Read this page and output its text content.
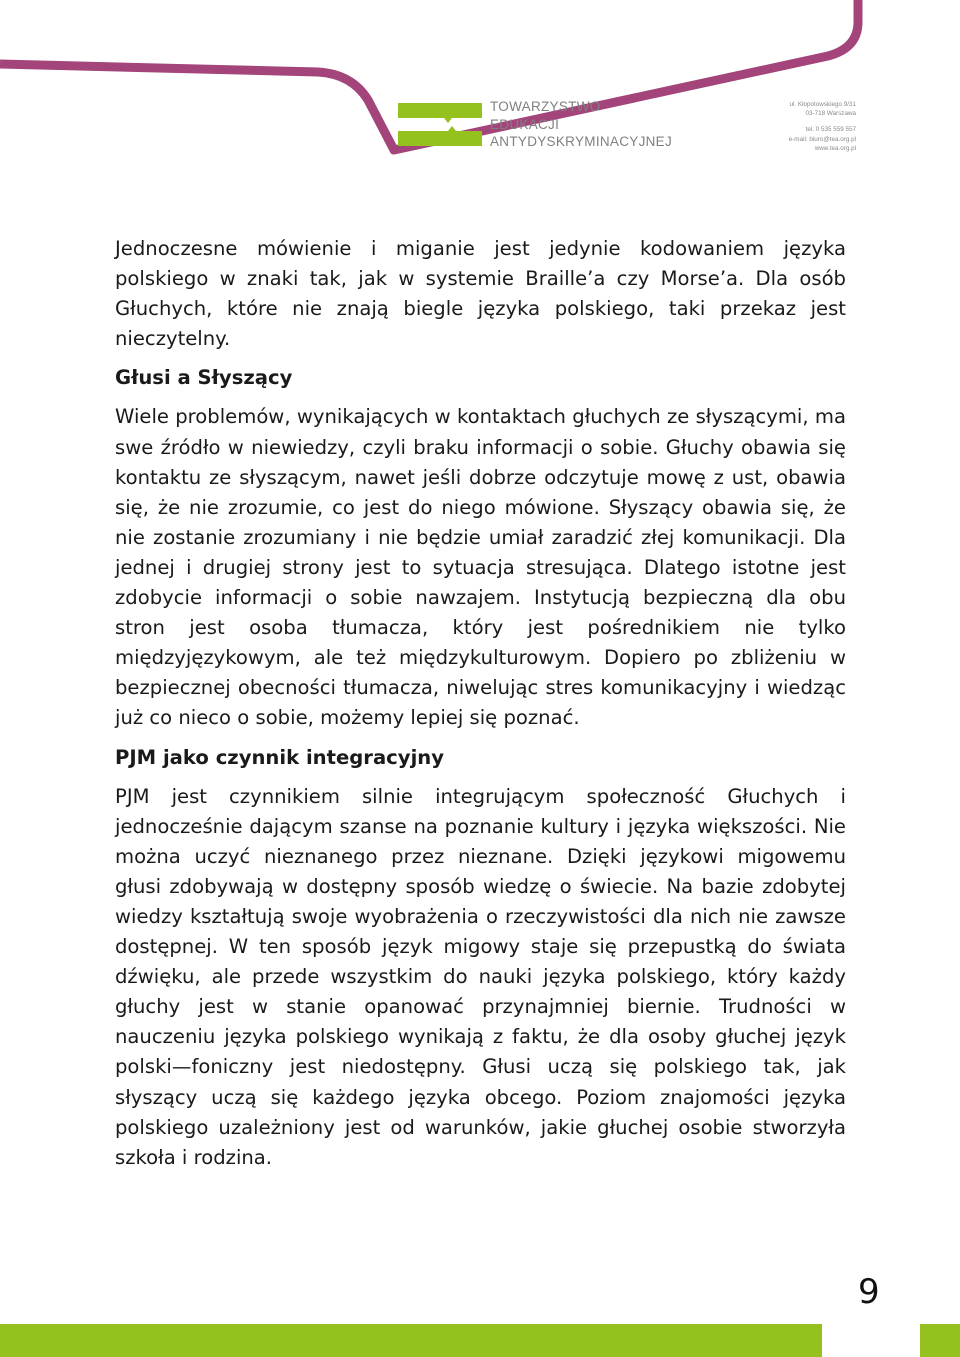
TOWARZYSTWO
EDUKACJI
ANTYDYSKRYMINACYJNEJ
ul. Kłopotowskiego 9/31
03-718 Warszawa
tel. 0 535 559 557
e-mail: biuro@tea.org.pl
www.tea.org.pl

Jednoczesne mówienie i miganie jest jedynie kodowaniem języka polskiego w znaki tak, jak w systemie Braille’a czy Morse’a. Dla osób Głuchych, które nie znają biegle języka polskiego, taki przekaz jest nieczytelny.

Głusi a Słyszący

Wiele problemów, wynikających w kontaktach głuchych ze słyszącymi, ma swe źródło w niewiedzy, czyli braku informacji o sobie. Głuchy obawia się kontaktu ze słyszącym, nawet jeśli dobrze odczytuje mowę z ust, obawia się, że nie zrozumie, co jest do niego mówione. Słyszący obawia się, że nie zostanie zrozumiany i nie będzie umiał zaradzić złej komunikacji. Dla jednej i drugiej strony jest to sytuacja stresująca. Dlatego istotne jest zdobycie informacji o sobie nawzajem. Instytucją bezpieczną dla obu stron jest osoba tłumacza, który jest pośrednikiem nie tylko międzyjęzykowym, ale też międzykulturowym. Dopiero po zbliżeniu w bezpiecznej obecności tłumacza, niwelując stres komunikacyjny i wiedząc już co nieco o sobie, możemy lepiej się poznać.

PJM jako czynnik integracyjny

PJM jest czynnikiem silnie integrującym społeczność Głuchych i jednocześnie dającym szanse na poznanie kultury i języka większości. Nie można uczyć nieznanego przez nieznane. Dzięki językowi migowemu głusi zdobywają w dostępny sposób wiedzę o świecie. Na bazie zdobytej wiedzy kształtują swoje wyobrażenia o rzeczywistości dla nich nie zawsze dostępnej. W ten sposób język migowy staje się przepustką do świata dźwięku, ale przede wszystkim do nauki języka polskiego, który każdy głuchy jest w stanie opanować przynajmniej biernie. Trudności w nauczeniu języka polskiego wynikają z faktu, że dla osoby głuchej język polski—foniczny jest niedostępny. Głusi uczą się polskiego tak, jak słyszący uczą się każdego języka obcego. Poziom znajomości języka polskiego uzależniony jest od warunków, jakie głuchej osobie stworzyła szkoła i rodzina.

9
